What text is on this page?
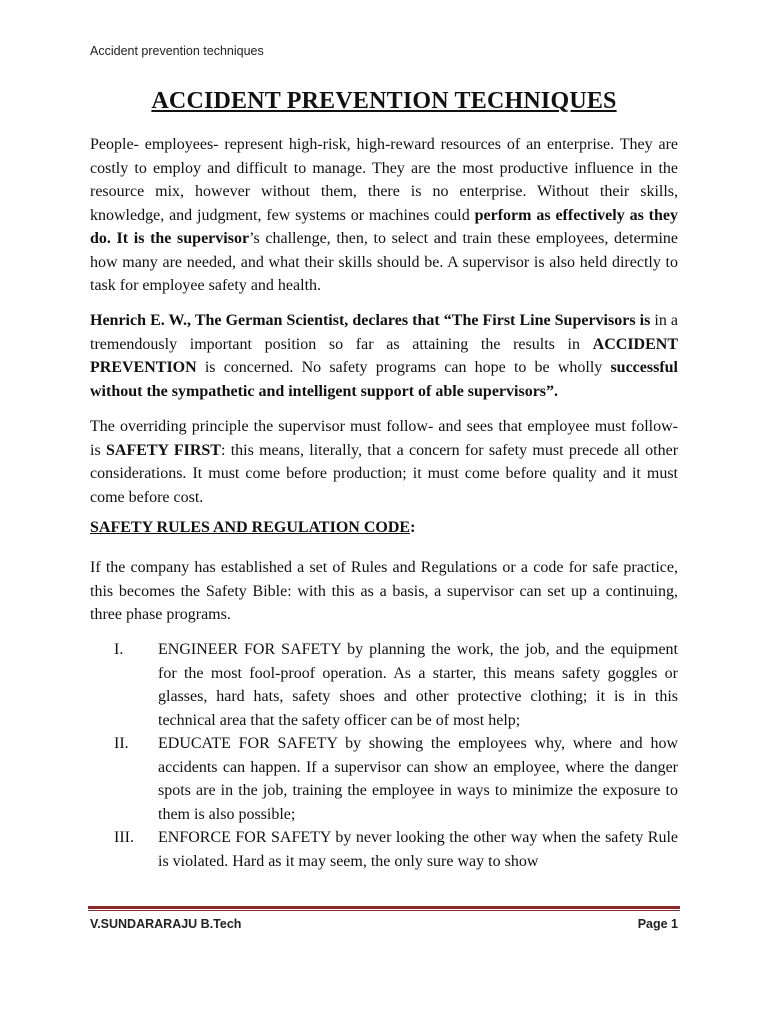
Accident prevention techniques
ACCIDENT PREVENTION TECHNIQUES

People- employees- represent high-risk, high-reward resources of an enterprise. They are costly to employ and difficult to manage. They are the most productive influence in the resource mix, however without them, there is no enterprise. Without their skills, knowledge, and judgment, few systems or machines could perform as effectively as they do. It is the supervisor’s challenge, then, to select and train these employees, determine how many are needed, and what their skills should be. A supervisor is also held directly to task for employee safety and health.

Henrich E. W., The German Scientist, declares that “The First Line Supervisors is in a tremendously important position so far as attaining the results in ACCIDENT PREVENTION is concerned. No safety programs can hope to be wholly successful without the sympathetic and intelligent support of able supervisors”.

The overriding principle the supervisor must follow- and sees that employee must follow- is SAFETY FIRST: this means, literally, that a concern for safety must precede all other considerations. It must come before production; it must come before quality and it must come before cost.

SAFETY RULES AND REGULATION CODE:

If the company has established a set of Rules and Regulations or a code for safe practice, this becomes the Safety Bible: with this as a basis, a supervisor can set up a continuing, three phase programs.

I.	ENGINEER FOR SAFETY by planning the work, the job, and the equipment for the most fool-proof operation. As a starter, this means safety goggles or glasses, hard hats, safety shoes and other protective clothing; it is in this technical area that the safety officer can be of most help;
II.	EDUCATE FOR SAFETY by showing the employees why, where and how accidents can happen. If a supervisor can show an employee, where the danger spots are in the job, training the employee in ways to minimize the exposure to them is also possible;
III.	ENFORCE FOR SAFETY by never looking the other way when the safety Rule is violated. Hard as it may seem, the only sure way to show
V.SUNDARARAJU B.Tech	Page 1
